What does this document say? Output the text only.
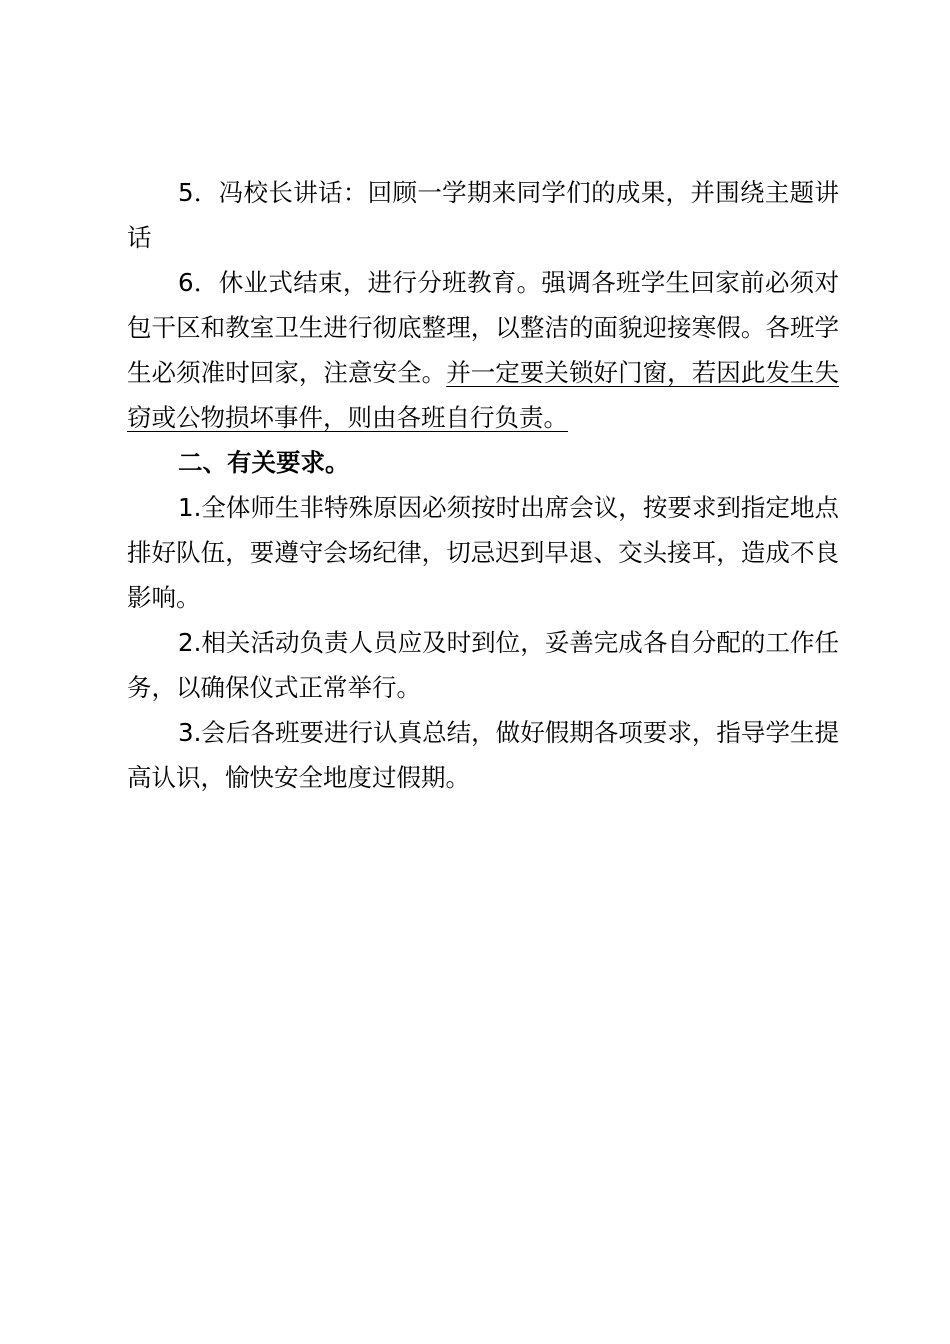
5．冯校长讲话：回顾一学期来同学们的成果，并围绕主题讲话

6．休业式结束，进行分班教育。强调各班学生回家前必须对包干区和教室卫生进行彻底整理，以整洁的面貌迎接寒假。各班学生必须准时回家，注意安全。并一定要关锁好门窗，若因此发生失窃或公物损坏事件，则由各班自行负责。

二、有关要求。

1.全体师生非特殊原因必须按时出席会议，按要求到指定地点排好队伍，要遵守会场纪律，切忌迟到早退、交头接耳，造成不良影响。

2.相关活动负责人员应及时到位，妥善完成各自分配的工作任务，以确保仪式正常举行。

3.会后各班要进行认真总结，做好假期各项要求，指导学生提高认识，愉快安全地度过假期。
